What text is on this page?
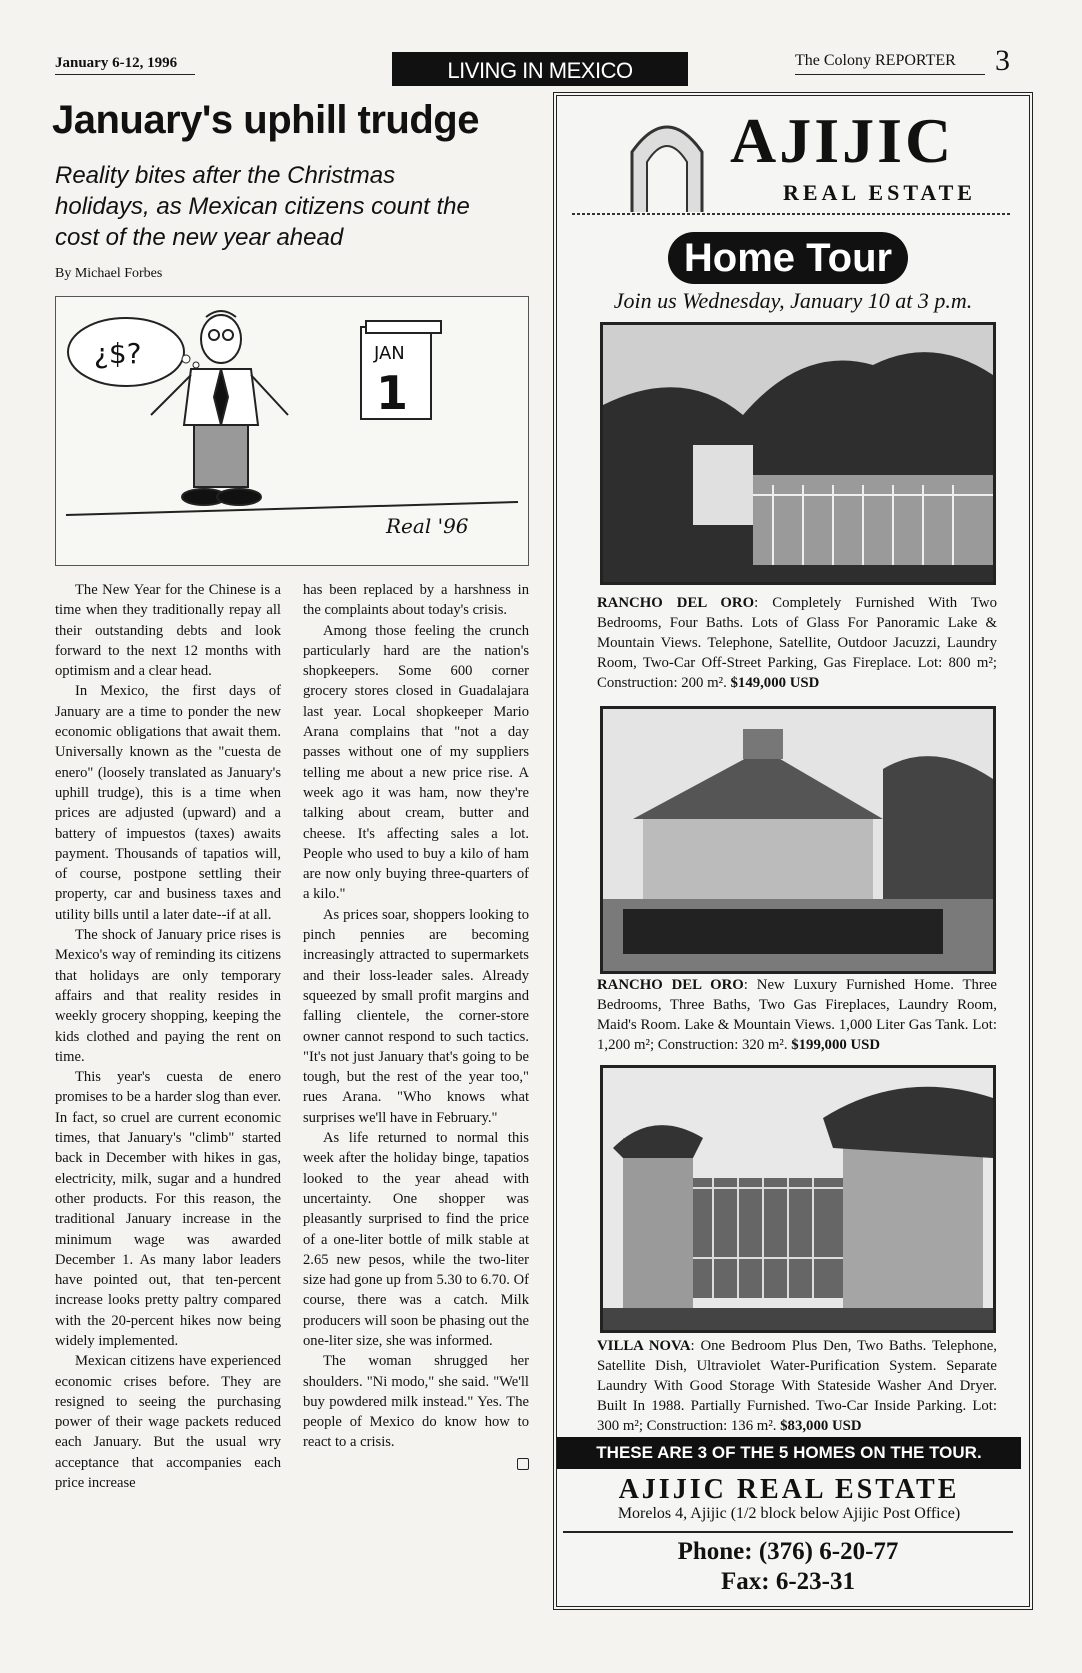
January 6-12, 1996	LIVING IN MEXICO	The Colony REPORTER	3
January's uphill trudge
Reality bites after the Christmas holidays, as Mexican citizens count the cost of the new year ahead
By Michael Forbes
¿$?	JAN
1
Real '96

The New Year for the Chinese is a time when they traditionally repay all their outstanding debts and look forward to the next 12 months with optimism and a clear head.

In Mexico, the first days of January are a time to ponder the new economic obligations that await them. Universally known as the "cuesta de enero" (loosely translated as January's uphill trudge), this is a time when prices are adjusted (upward) and a battery of impuestos (taxes) awaits payment. Thousands of tapatios will, of course, postpone settling their property, car and business taxes and utility bills until a later date--if at all.

The shock of January price rises is Mexico's way of reminding its citizens that holidays are only temporary affairs and that reality resides in weekly grocery shopping, keeping the kids clothed and paying the rent on time.

This year's cuesta de enero promises to be a harder slog than ever. In fact, so cruel are current economic times, that January's "climb" started back in December with hikes in gas, electricity, milk, sugar and a hundred other products. For this reason, the traditional January increase in the minimum wage was awarded December 1. As many labor leaders have pointed out, that ten-percent increase looks pretty paltry compared with the 20-percent hikes now being widely implemented.

Mexican citizens have experienced economic crises before. They are resigned to seeing the purchasing power of their wage packets reduced each January. But the usual wry acceptance that accompanies each price increase

has been replaced by a harshness in the complaints about today's crisis.

Among those feeling the crunch particularly hard are the nation's shopkeepers. Some 600 corner grocery stores closed in Guadalajara last year. Local shopkeeper Mario Arana complains that "not a day passes without one of my suppliers telling me about a new price rise. A week ago it was ham, now they're talking about cream, butter and cheese. It's affecting sales a lot. People who used to buy a kilo of ham are now only buying three-quarters of a kilo."

As prices soar, shoppers looking to pinch pennies are becoming increasingly attracted to supermarkets and their loss-leader sales. Already squeezed by small profit margins and falling clientele, the corner-store owner cannot respond to such tactics. "It's not just January that's going to be tough, but the rest of the year too," rues Arana. "Who knows what surprises we'll have in February."

As life returned to normal this week after the holiday binge, tapatios looked to the year ahead with uncertainty. One shopper was pleasantly surprised to find the price of a one-liter bottle of milk stable at 2.65 new pesos, while the two-liter size had gone up from 5.30 to 6.70. Of course, there was a catch. Milk producers will soon be phasing out the one-liter size, she was informed.

The woman shrugged her shoulders. "Ni modo," she said. "We'll buy powdered milk instead." Yes. The people of Mexico do know how to react to a crisis.

AJIJIC
REAL ESTATE
Home Tour
Join us Wednesday, January 10 at 3 p.m.
RANCHO DEL ORO: Completely Furnished With Two Bedrooms, Four Baths. Lots of Glass For Panoramic Lake & Mountain Views. Telephone, Satellite, Outdoor Jacuzzi, Laundry Room, Two-Car Off-Street Parking, Gas Fireplace. Lot: 800 m²; Construction: 200 m². $149,000 USD
RANCHO DEL ORO: New Luxury Furnished Home. Three Bedrooms, Three Baths, Two Gas Fireplaces, Laundry Room, Maid's Room. Lake & Mountain Views. 1,000 Liter Gas Tank. Lot: 1,200 m²; Construction: 320 m². $199,000 USD
VILLA NOVA: One Bedroom Plus Den, Two Baths. Telephone, Satellite Dish, Ultraviolet Water-Purification System. Separate Laundry With Good Storage With Stateside Washer And Dryer. Built In 1988. Partially Furnished. Two-Car Inside Parking. Lot: 300 m²; Construction: 136 m². $83,000 USD
THESE ARE 3 OF THE 5 HOMES ON THE TOUR.
AJIJIC REAL ESTATE
Morelos 4, Ajijic (1/2 block below Ajijic Post Office)
Phone: (376) 6-20-77
Fax: 6-23-31
